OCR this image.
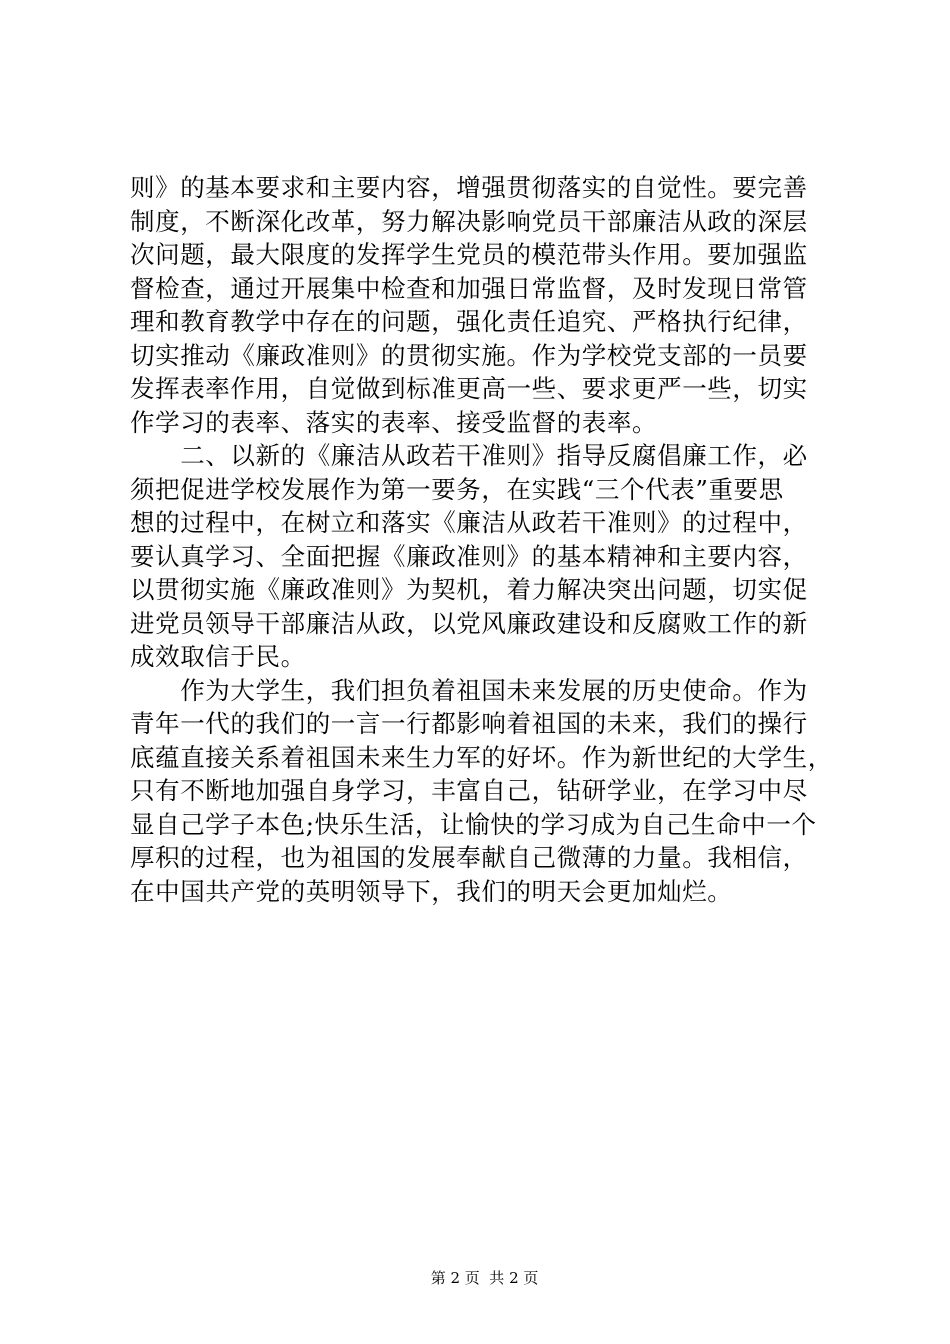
则》的基本要求和主要内容，增强贯彻落实的自觉性。要完善
制度，不断深化改革，努力解决影响党员干部廉洁从政的深层
次问题，最大限度的发挥学生党员的模范带头作用。要加强监
督检查，通过开展集中检查和加强日常监督，及时发现日常管
理和教育教学中存在的问题，强化责任追究、严格执行纪律，
切实推动《廉政准则》的贯彻实施。作为学校党支部的一员要
发挥表率作用，自觉做到标准更高一些、要求更严一些，切实
作学习的表率、落实的表率、接受监督的表率。
　　二、以新的《廉洁从政若干准则》指导反腐倡廉工作，必
须把促进学校发展作为第一要务，在实践“三个代表”重要思
想的过程中，在树立和落实《廉洁从政若干准则》的过程中，
要认真学习、全面把握《廉政准则》的基本精神和主要内容，
以贯彻实施《廉政准则》为契机，着力解决突出问题，切实促
进党员领导干部廉洁从政，以党风廉政建设和反腐败工作的新
成效取信于民。
　　作为大学生，我们担负着祖国未来发展的历史使命。作为
青年一代的我们的一言一行都影响着祖国的未来，我们的操行
底蕴直接关系着祖国未来生力军的好坏。作为新世纪的大学生，
只有不断地加强自身学习，丰富自己，钻研学业，在学习中尽
显自己学子本色;快乐生活，让愉快的学习成为自己生命中一个
厚积的过程，也为祖国的发展奉献自己微薄的力量。我相信，
在中国共产党的英明领导下，我们的明天会更加灿烂。

第 2 页  共 2 页
